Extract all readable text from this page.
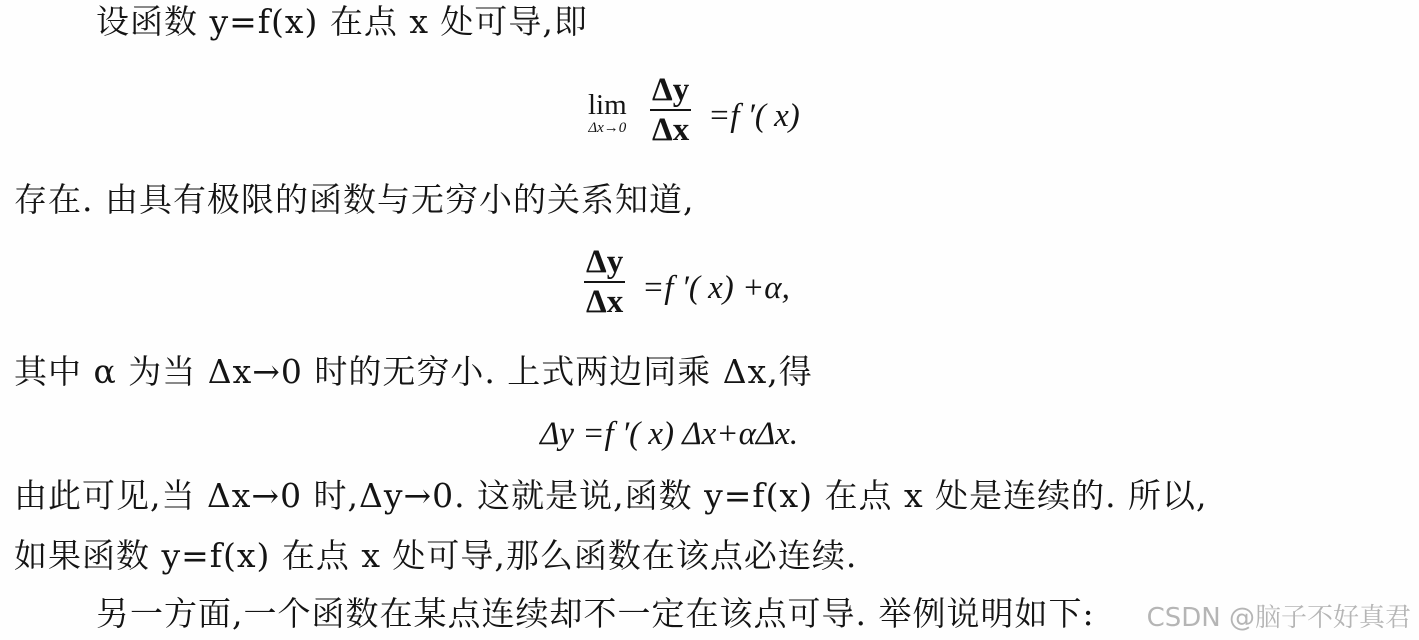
设函数 y=f(x) 在点 x 处可导,即
lim
Δx→0
Δy
Δx =f ′( x)
存在. 由具有极限的函数与无穷小的关系知道,
Δy
Δx =f ′( x) +α,
其中 α 为当 Δx→0 时的无穷小. 上式两边同乘 Δx,得
Δy =f ′( x) Δx+αΔx.
由此可见,当 Δx→0 时,Δy→0. 这就是说,函数 y=f(x) 在点 x 处是连续的. 所以,
如果函数 y=f(x) 在点 x 处可导,那么函数在该点必连续.
另一方面,一个函数在某点连续却不一定在该点可导. 举例说明如下: CSDN @脑子不好真君
